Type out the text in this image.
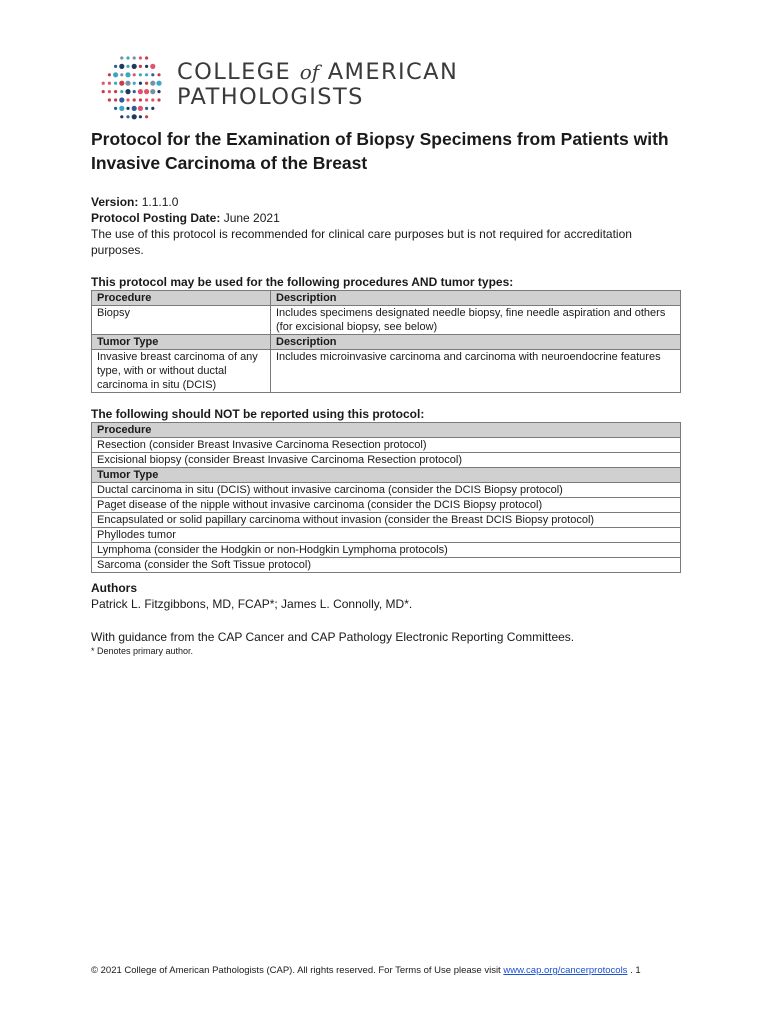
COLLEGE of AMERICAN
PATHOLOGISTS
Protocol for the Examination of Biopsy Specimens from Patients with Invasive Carcinoma of the Breast
Version: 1.1.1.0
Protocol Posting Date: June 2021
The use of this protocol is recommended for clinical care purposes but is not required for accreditation purposes.
This protocol may be used for the following procedures AND tumor types:
Procedure	Description
Biopsy	Includes specimens designated needle biopsy, fine needle aspiration and others (for excisional biopsy, see below)
Tumor Type	Description
Invasive breast carcinoma of any type, with or without ductal carcinoma in situ (DCIS)	Includes microinvasive carcinoma and carcinoma with neuroendocrine features
The following should NOT be reported using this protocol:
Procedure
Resection (consider Breast Invasive Carcinoma Resection protocol)
Excisional biopsy (consider Breast Invasive Carcinoma Resection protocol)
Tumor Type
Ductal carcinoma in situ (DCIS) without invasive carcinoma (consider the DCIS Biopsy protocol)
Paget disease of the nipple without invasive carcinoma (consider the DCIS Biopsy protocol)
Encapsulated or solid papillary carcinoma without invasion (consider the Breast DCIS Biopsy protocol)
Phyllodes tumor
Lymphoma (consider the Hodgkin or non-Hodgkin Lymphoma protocols)
Sarcoma (consider the Soft Tissue protocol)
Authors
Patrick L. Fitzgibbons, MD, FCAP*; James L. Connolly, MD*.
With guidance from the CAP Cancer and CAP Pathology Electronic Reporting Committees.
* Denotes primary author.
© 2021 College of American Pathologists (CAP). All rights reserved. For Terms of Use please visit www.cap.org/cancerprotocols . 1
